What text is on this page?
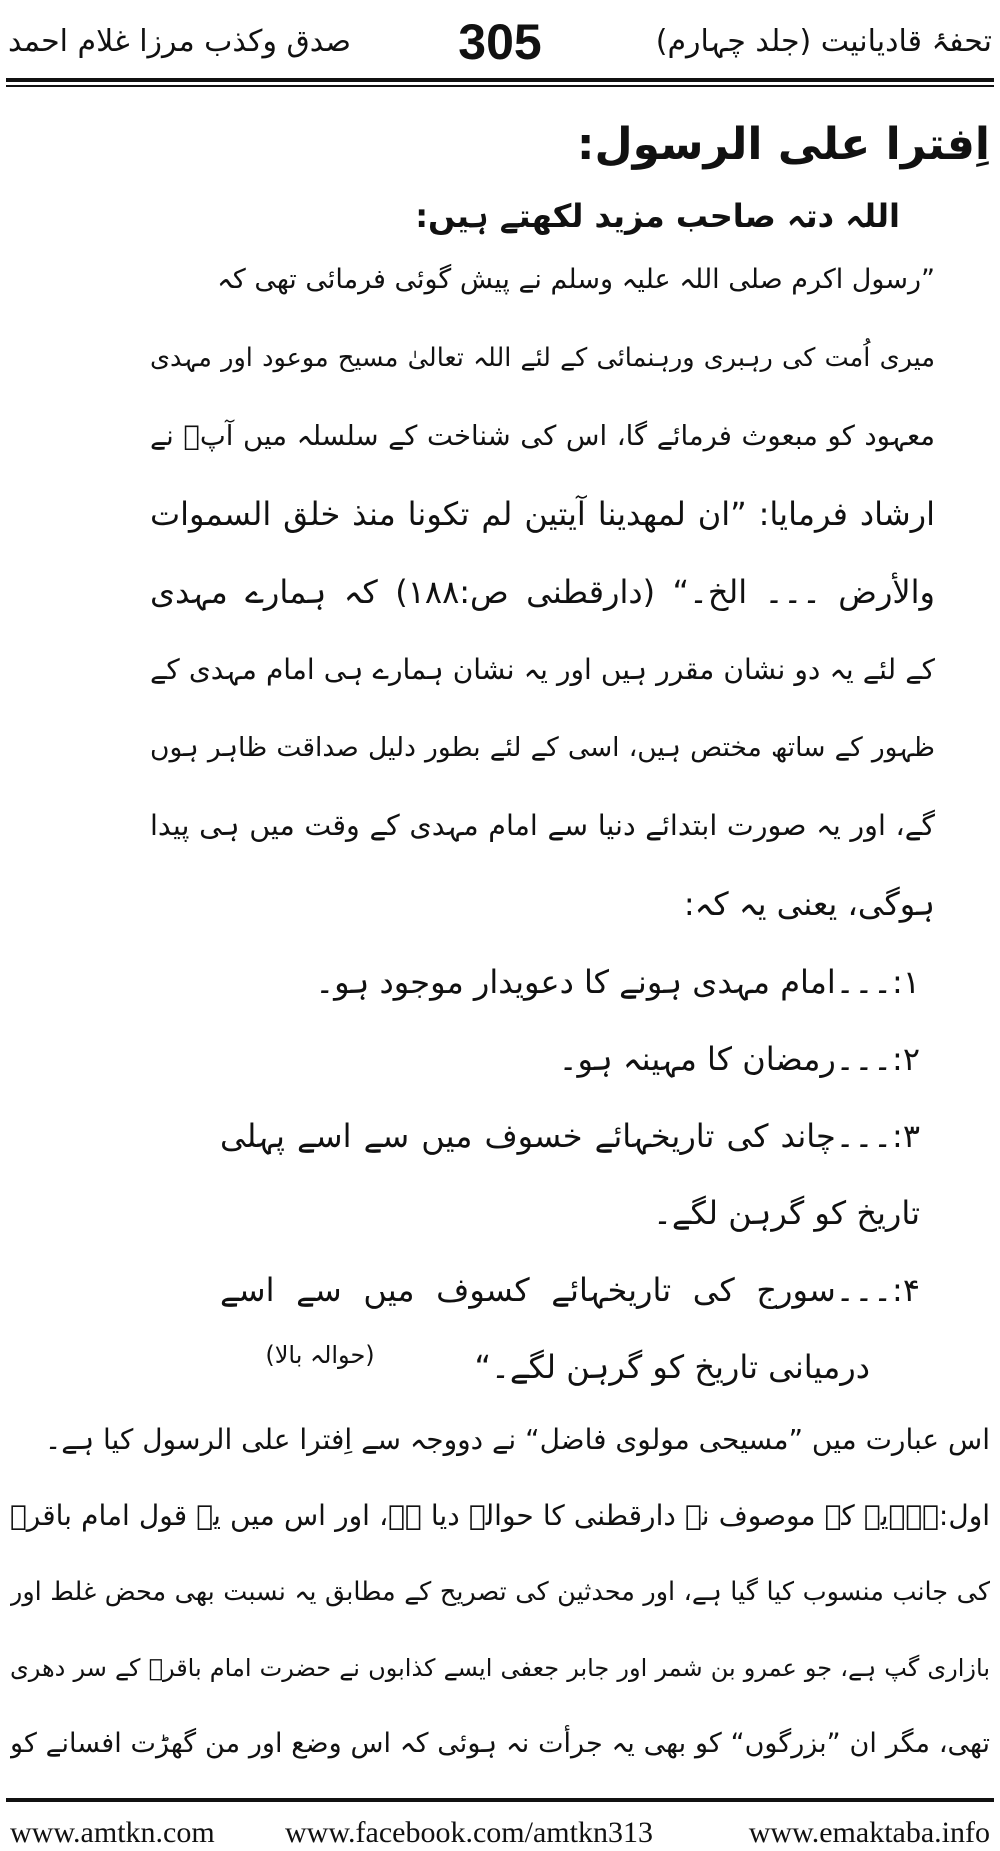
تحفۂ قادیانیت (جلد چہارم)
305
صدق وکذب مرزا غلام احمد
اِفترا علی الرسول:
اللہ دتہ صاحب مزید لکھتے ہیں:
”رسول اکرم صلی اللہ علیہ وسلم نے پیش گوئی فرمائی تھی کہ
میری اُمت کی رہبری ورہنمائی کے لئے اللہ تعالیٰ مسیح موعود اور مہدی
معہود کو مبعوث فرمائے گا، اس کی شناخت کے سلسلہ میں آپؐ نے
ارشاد فرمایا: ”ان لمهدينا آيتين لم تكونا منذ خلق السموات
والأرض ۔۔۔ الخ۔“ (دارقطنی ص:۱۸۸) کہ ہمارے مہدی
کے لئے یہ دو نشان مقرر ہیں اور یہ نشان ہمارے ہی امام مہدی کے
ظہور کے ساتھ مختص ہیں، اسی کے لئے بطور دلیل صداقت ظاہر ہوں
گے، اور یہ صورت ابتدائے دنیا سے امام مہدی کے وقت میں ہی پیدا
ہوگی، یعنی یہ کہ:
۱:۔۔۔امام مہدی ہونے کا دعویدار موجود ہو۔
۲:۔۔۔رمضان کا مہینہ ہو۔
۳:۔۔۔چاند کی تاریخہائے خسوف میں سے اسے پہلی
تاریخ کو گرہن لگے۔
۴:۔۔۔سورج کی تاریخہائے کسوف میں سے اسے
درمیانی تاریخ کو گرہن لگے۔“
(حوالہ بالا)
اس عبارت میں ”مسیحی مولوی فاضل“ نے دووجہ سے اِفترا علی الرسول کیا ہے۔
اول:۔۔۔یہ کہ موصوف نے دارقطنی کا حوالہ دیا ہے، اور اس میں یہ قول امام باقرؒ
کی جانب منسوب کیا گیا ہے، اور محدثین کی تصریح کے مطابق یہ نسبت بھی محض غلط اور
بازاری گپ ہے، جو عمرو بن شمر اور جابر جعفی ایسے کذابوں نے حضرت امام باقرؒ کے سر دھری
تھی، مگر ان ”بزرگوں“ کو بھی یہ جرأت نہ ہوئی کہ اس وضع اور من گھڑت افسانے کو
www.amtkn.com www.facebook.com/amtkn313	www.emaktaba.info
